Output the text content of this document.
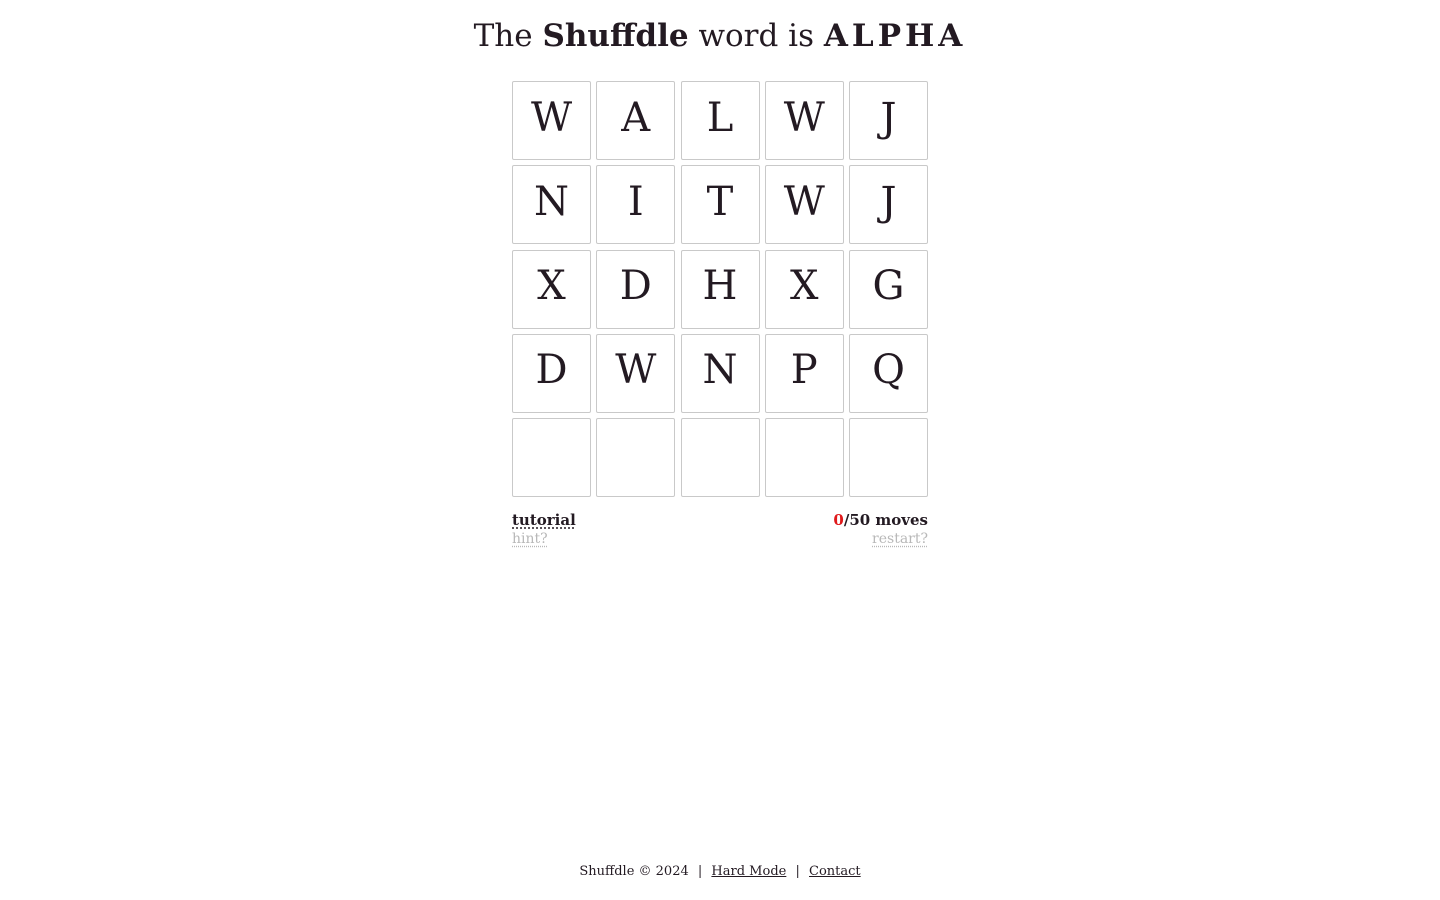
The Shuffdle word is ALPHA
W	A	L	W	J
N	I	T	W	J
X	D	H	X	G
D	W	N	P	Q
tutorial
hint?
0/50 moves
restart?
Shuffdle © 2024 | Hard Mode | Contact
